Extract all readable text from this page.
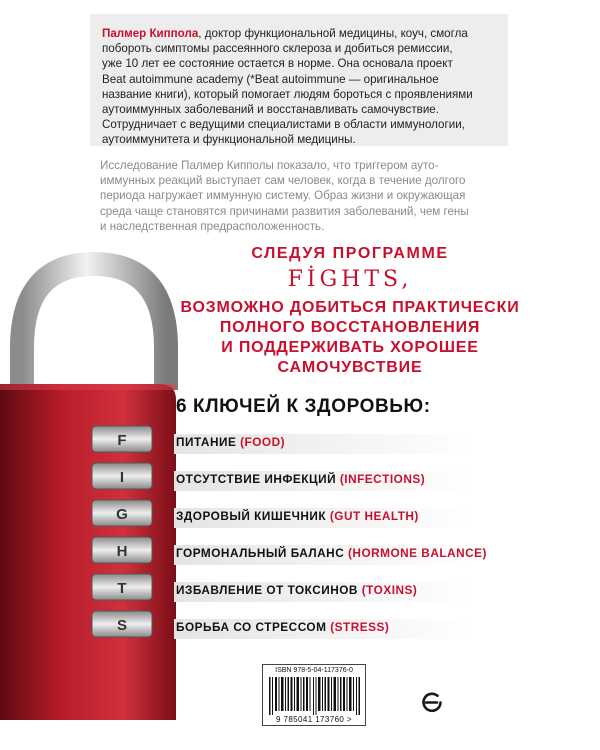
Палмер Киппола, доктор функциональной медицины, коуч, смогла
побороть симптомы рассеянного склероза и добиться ремиссии,
уже 10 лет ее состояние остается в норме. Она основала проект
Beat autoimmune academy (*Beat autoimmune — оригинальное
название книги), который помогает людям бороться с проявлениями
аутоиммунных заболеваний и восстанавливать самочувствие.
Сотрудничает с ведущими специалистами в области иммунологии,
аутоиммунитета и функциональной медицины.
Исследование Палмер Кипполы показало, что триггером ауто-
иммунных реакций выступает сам человек, когда в течение долгого
периода нагружает иммунную систему. Образ жизни и окружающая
среда чаще становятся причинами развития заболеваний, чем гены
и наследственная предрасположенность.
F
I
G
H
T
S
СЛЕДУЯ ПРОГРАММЕ
FİGHTS,
ВОЗМОЖНО ДОБИТЬСЯ ПРАКТИЧЕСКИ
ПОЛНОГО ВОССТАНОВЛЕНИЯ
И ПОДДЕРЖИВАТЬ ХОРОШЕЕ
САМОЧУВСТВИЕ
6 КЛЮЧЕЙ К ЗДОРОВЬЮ:
ПИТАНИЕ (FOOD)
ОТСУТСТВИЕ ИНФЕКЦИЙ (INFECTIONS)
ЗДОРОВЫЙ КИШЕЧНИК (GUT HEALTH)
ГОРМОНАЛЬНЫЙ БАЛАНС (HORMONE BALANCE)
ИЗБАВЛЕНИЕ ОТ ТОКСИНОВ (TOXINS)
БОРЬБА СО СТРЕССОМ (STRESS)
ISBN 978-5-04-117376-0
9 785041 173760 >
